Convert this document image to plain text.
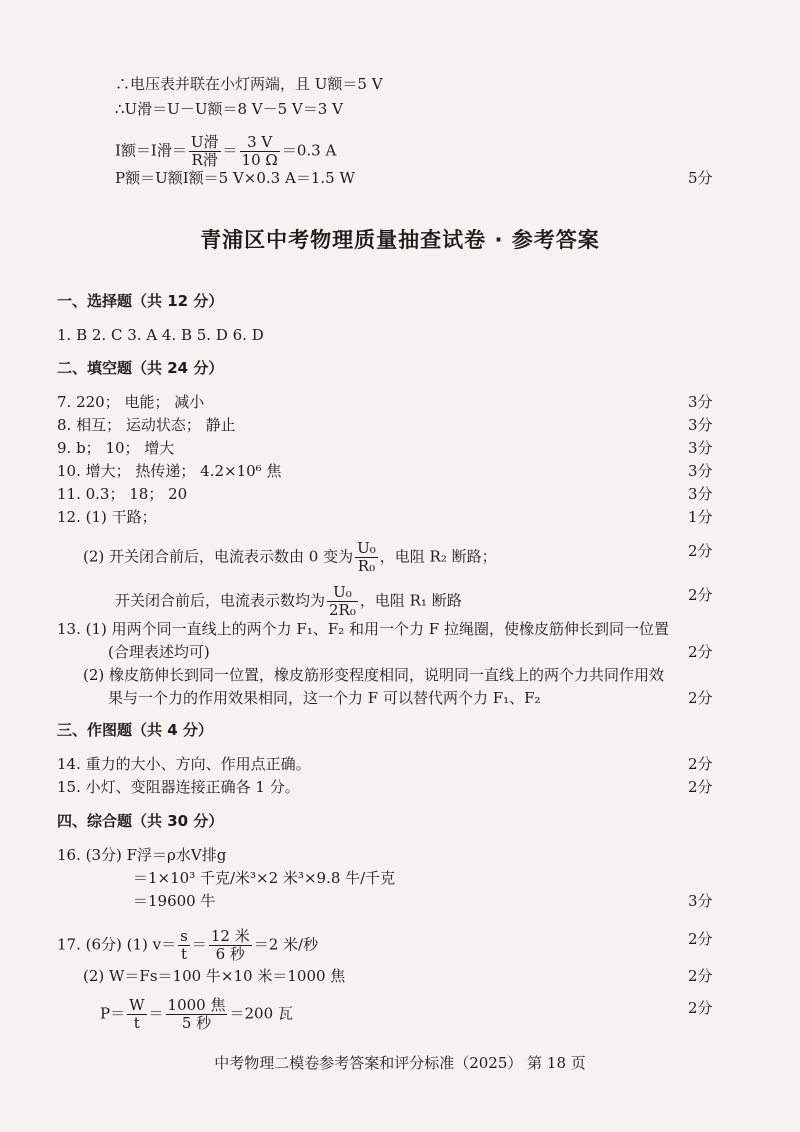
∴电压表并联在小灯两端，且 U额＝5 V
∴U滑＝U－U额＝8 V－5 V＝3 V
I额＝I滑＝ $\frac{\text{U滑}}{\text{R滑}} = \frac{3 V}{10 \Omega} =0.3$ A
P额＝U额I额＝5 V×0.3 A＝1.5 W	5分
青浦区中考物理质量抽查试卷 · 参考答案
一、选择题（共 12 分）
1. B 2. C 3. A 4. B 5. D 6. D
二、填空题（共 24 分）
7. 220； 电能； 减小	3分
8. 相互； 运动状态； 静止	3分
9. b； 10； 增大	3分
10. 增大； 热传递； 4.2×10⁶ 焦	3分
11. 0.3； 18； 20	3分
12. (1) 干路；	1分
(2) 开关闭合前后，电流表示数由 0 变为 $\frac{\text{U₀}}{\text{R₀}}$ ，电阻 R₂ 断路；	2分
开关闭合前后，电流表示数均为 $\frac{\text{U₀}}{\text{2R₀}}$ ，电阻 R₁ 断路	2分
13. (1) 用两个同一直线上的两个力 F₁、F₂ 和用一个力 F 拉绳圈，使橡皮筋伸长到同一位置
(合理表述均可)	2分
(2) 橡皮筋伸长到同一位置，橡皮筋形变程度相同，说明同一直线上的两个力共同作用效
果与一个力的作用效果相同，这一个力 F 可以替代两个力 F₁、F₂	2分
三、作图题（共 4 分）
14. 重力的大小、方向、作用点正确。	2分
15. 小灯、变阻器连接正确各 1 分。	2分
四、综合题（共 30 分）
16. (3分) F浮＝ρ水V排g
＝1×10³ 千克/米³×2 米³×9.8 牛/千克
＝19600 牛	3分
17. (6分) (1) $v= \frac{s}{t} = \frac{\text{12 米}}{\text{6 秒}} =2$ 米/秒	2分
(2) W＝Fs＝100 牛×10 米＝1000 焦	2分
$P= \frac{W}{t} = \frac{\text{1000 焦}}{\text{5 秒}} =200$ 瓦	2分
中考物理二模卷参考答案和评分标准（2025） 第 18 页
